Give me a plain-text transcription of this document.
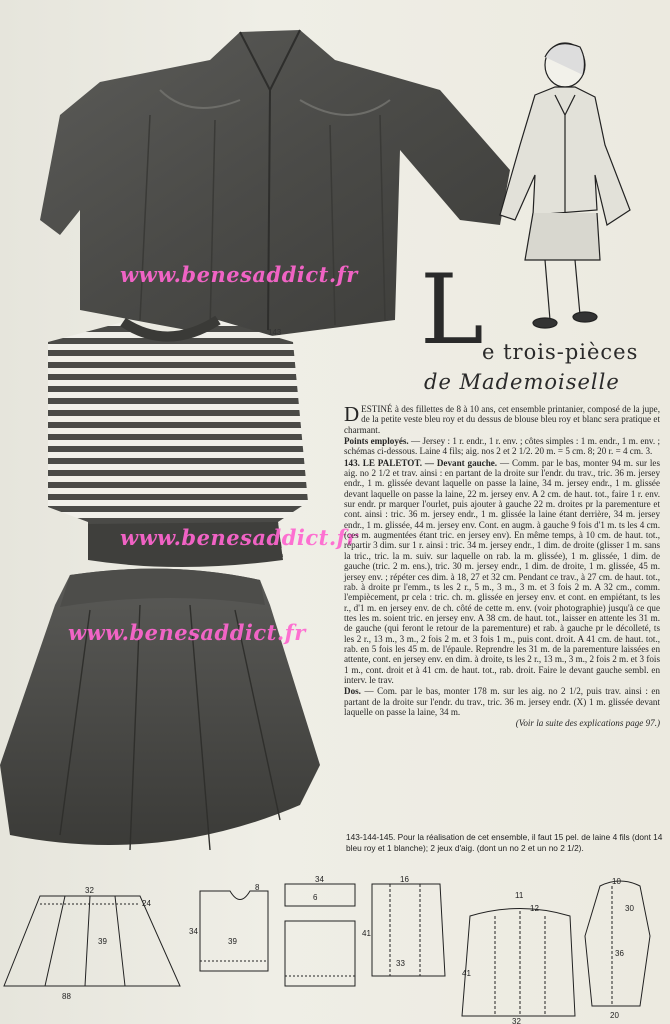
143
www.benesaddict.fr
www.benesaddict.fr
www.benesaddict.fr
L
e trois-pièces
de Mademoiselle

DESTINÉ à des fillettes de 8 à 10 ans, cet ensemble printanier, composé de la jupe, de la petite veste bleu roy et du dessus de blouse bleu roy et blanc sera pratique et charmant.

Points employés. — Jersey : 1 r. endr., 1 r. env. ; côtes simples : 1 m. endr., 1 m. env. ; schémas ci-dessous. Laine 4 fils; aig. nos 2 et 2 1/2. 20 m. = 5 cm. 8; 20 r. = 4 cm. 3.

143. LE PALETOT. — Devant gauche. — Comm. par le bas, monter 94 m. sur les aig. no 2 1/2 et trav. ainsi : en partant de la droite sur l'endr. du trav., tric. 36 m. jersey endr., 1 m. glissée devant laquelle on passe la laine, 34 m. jersey endr., 1 m. glissée devant laquelle on passe la laine, 22 m. jersey env. A 2 cm. de haut. tot., faire 1 r. env. sur endr. pr marquer l'ourlet, puis ajouter à gauche 22 m. droites pr la parementure et cont. ainsi : tric. 36 m. jersey endr., 1 m. glissée la laine étant derrière, 34 m. jersey endr., 1 m. glissée, 44 m. jersey env. Cont. en augm. à gauche 9 fois d'1 m. ts les 4 cm. (ces m. augmentées étant tric. en jersey env). En même temps, à 10 cm. de haut. tot., répartir 3 dim. sur 1 r. ainsi : tric. 34 m. jersey endr., 1 dim. de droite (glisser 1 m. sans la tric., tric. la m. suiv. sur laquelle on rab. la m. glissée), 1 m. glissée, 1 dim. de gauche (tric. 2 m. ens.), tric. 30 m. jersey endr., 1 dim. de droite, 1 m. glissée, 45 m. jersey env. ; répéter ces dim. à 18, 27 et 32 cm. Pendant ce trav., à 27 cm. de haut. tot., rab. à droite pr l'emm., ts les 2 r., 5 m., 3 m., 3 m. et 3 fois 2 m. A 32 cm., comm. l'empiècement, pr cela : tric. ch. m. glissée en jersey env. et cont. en empiétant, ts les r., d'1 m. en jersey env. de ch. côté de cette m. env. (voir photographie) jusqu'à ce que ttes les m. soient tric. en jersey env. A 38 cm. de haut. tot., laisser en attente les 31 m. de gauche (qui feront le retour de la parementure) et rab. à gauche pr le décolleté, ts les 2 r., 13 m., 3 m., 2 fois 2 m. et 3 fois 1 m., puis cont. droit. A 41 cm. de haut. tot., rab. en 5 fois les 45 m. de l'épaule. Reprendre les 31 m. de la parementure laissées en attente, cont. en jersey env. en dim. à droite, ts les 2 r., 13 m., 3 m., 2 fois 2 m. et 3 fois 1 m., cont. droit et à 41 cm. de haut. tot., rab. droit. Faire le devant gauche sembl. en interv. le trav.

Dos. — Com. par le bas, monter 178 m. sur les aig. no 2 1/2, puis trav. ainsi : en partant de la droite sur l'endr. du trav., tric. 36 m. jersey endr. (X) 1 m. glissée devant laquelle on passe la laine, 34 m.

(Voir la suite des explications page 97.)

143-144-145. Pour la réalisation de cet ensemble, il faut 15 pel. de laine 4 fils (dont 14 bleu roy et 1 blanche); 2 jeux d'aig. (dont un no 2 et un no 2 1/2).
32
24
39
88
34
8
39
34
6
16
41
33
11
12
41
32
10
30
36
20
